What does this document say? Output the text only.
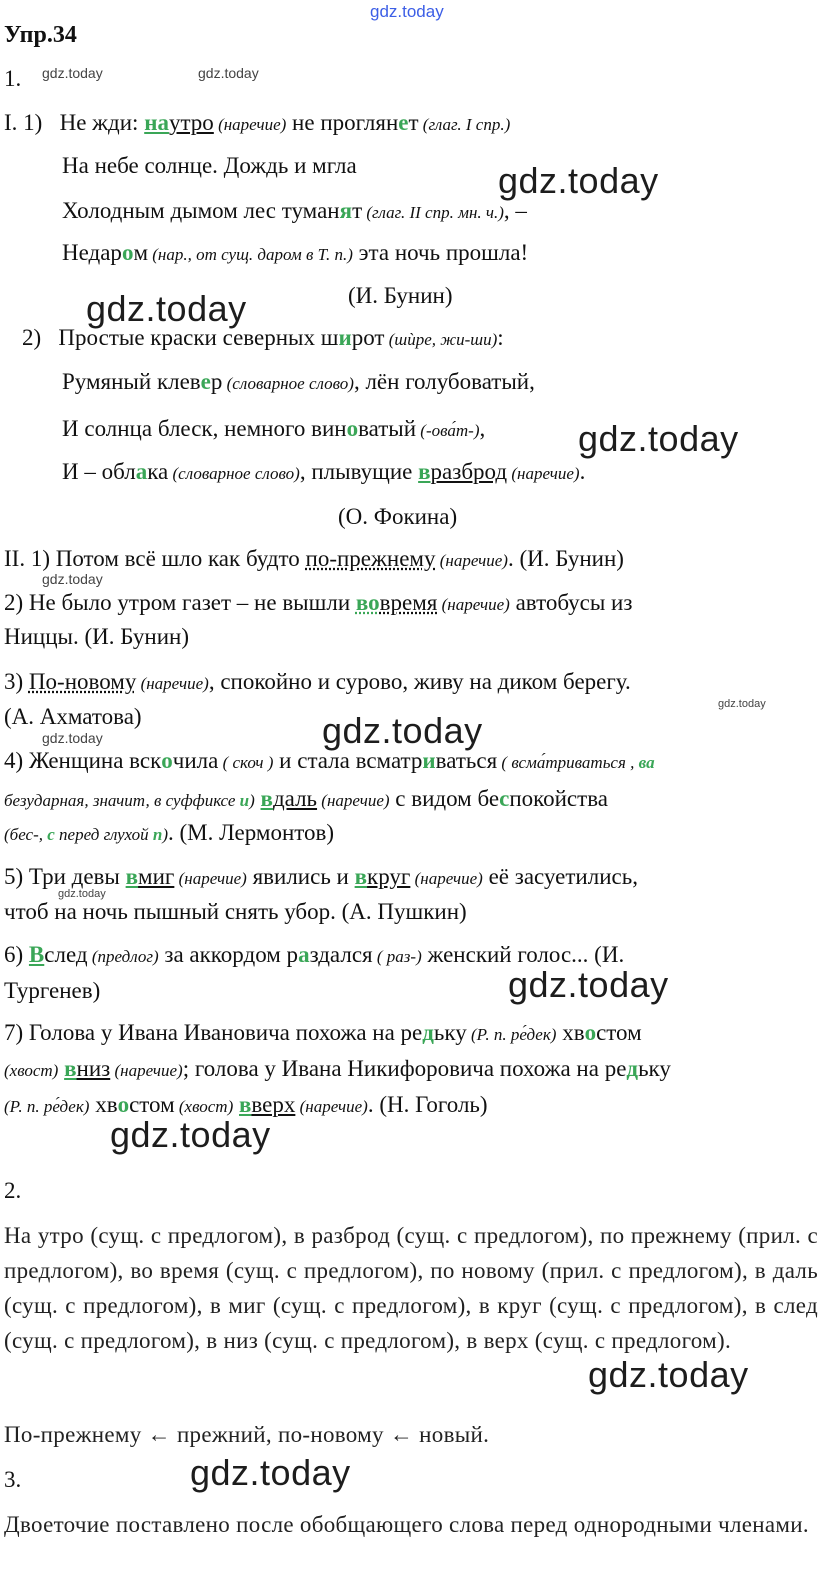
gdz.today
gdz.today	gdz.today
gdz.today
gdz.today
gdz.today
gdz.today
gdz.today
gdz.today
gdz.today
gdz.today
gdz.today
gdz.today
gdz.today
gdz.today
Упр.34
1.
I. 1) Не жди: наутро (наречие) не проглянет (глаг. I спр.)
На небе солнце. Дождь и мгла
Холодным дымом лес туманят (глаг. II спр. мн. ч.), –
Недаром (нар., от сущ. даром в Т. п.) эта ночь прошла!
(И. Бунин)
2) Простые краски северных широт (шѝре, жи-ши):
Румяный клевер (словарное слово), лён голубоватый,
И солнца блеск, немного виноватый (-ова́т-),
И – облака (словарное слово), плывущие вразброд (наречие).
(О. Фокина)
II. 1) Потом всё шло как будто по-прежнему (наречие). (И. Бунин)
2) Не было утром газет – не вышли вовремя (наречие) автобусы из
Ниццы. (И. Бунин)
3) По-новому (наречие), спокойно и сурово, живу на диком берегу.
(А. Ахматова)
4) Женщина вскочила ( скоч ) и стала всматриваться ( всма́триваться , ва
безударная, значит, в суффиксе и) вдаль (наречие) с видом беспокойства
(бес-, с перед глухой п). (М. Лермонтов)
5) Три девы вмиг (наречие) явились и вкруг (наречие) её засуетились,
чтоб на ночь пышный снять убор. (А. Пушкин)
6) Вслед (предлог) за аккордом раздался ( раз-) женский голос... (И.
Тургенев)
7) Голова у Ивана Ивановича похожа на редьку (Р. п. ре́дек) хвостом
(хвост) вниз (наречие); голова у Ивана Никифоровича похожа на редьку
(Р. п. ре́дек) хвостом (хвост) вверх (наречие). (Н. Гоголь)
2.
На утро (сущ. с предлогом), в разброд (сущ. с предлогом), по прежнему (прил. с предлогом), во время (сущ. с предлогом), по новому (прил. с предлогом), в даль (сущ. с предлогом), в миг (сущ. с предлогом), в круг (сущ. с предлогом), в след (сущ. с предлогом), в низ (сущ. с предлогом), в верх (сущ. с предлогом).
По-прежнему ← прежний, по-новому ← новый.
3.
Двоеточие поставлено после обобщающего слова перед однородными членами.
